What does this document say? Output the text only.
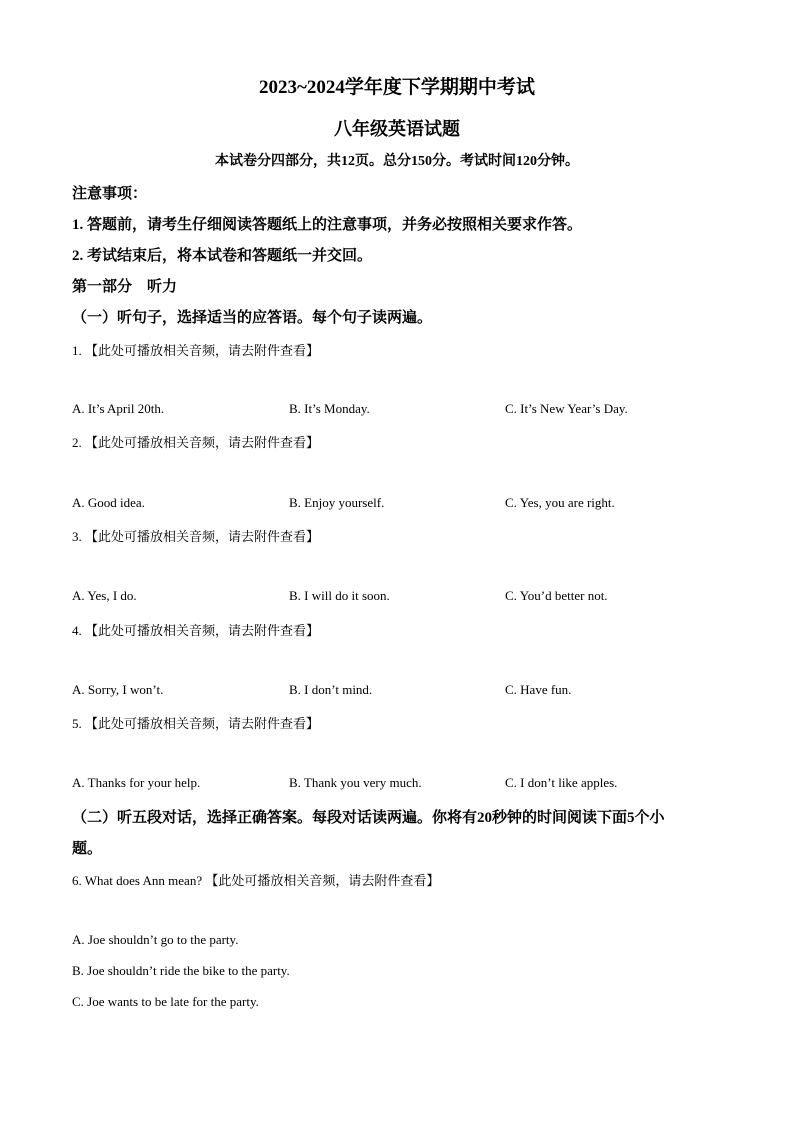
2023~2024学年度下学期期中考试
八年级英语试题
本试卷分四部分，共12页。总分150分。考试时间120分钟。
注意事项：
1. 答题前，请考生仔细阅读答题纸上的注意事项，并务必按照相关要求作答。
2. 考试结束后，将本试卷和答题纸一并交回。
第一部分　听力
（一）听句子，选择适当的应答语。每个句子读两遍。
1. 【此处可播放相关音频，请去附件查看】
A. It’s April 20th.	B. It’s Monday.	C. It’s New Year’s Day.
2. 【此处可播放相关音频，请去附件查看】
A. Good idea.	B. Enjoy yourself.	C. Yes, you are right.
3. 【此处可播放相关音频，请去附件查看】
A. Yes, I do.	B. I will do it soon.	C. You’d better not.
4. 【此处可播放相关音频，请去附件查看】
A. Sorry, I won’t.	B. I don’t mind.	C. Have fun.
5. 【此处可播放相关音频，请去附件查看】
A. Thanks for your help.	B. Thank you very much.	C. I don’t like apples.
（二）听五段对话，选择正确答案。每段对话读两遍。你将有20秒钟的时间阅读下面5个小
题。
6. What does Ann mean? 【此处可播放相关音频，请去附件查看】
A. Joe shouldn’t go to the party.
B. Joe shouldn’t ride the bike to the party.
C. Joe wants to be late for the party.
